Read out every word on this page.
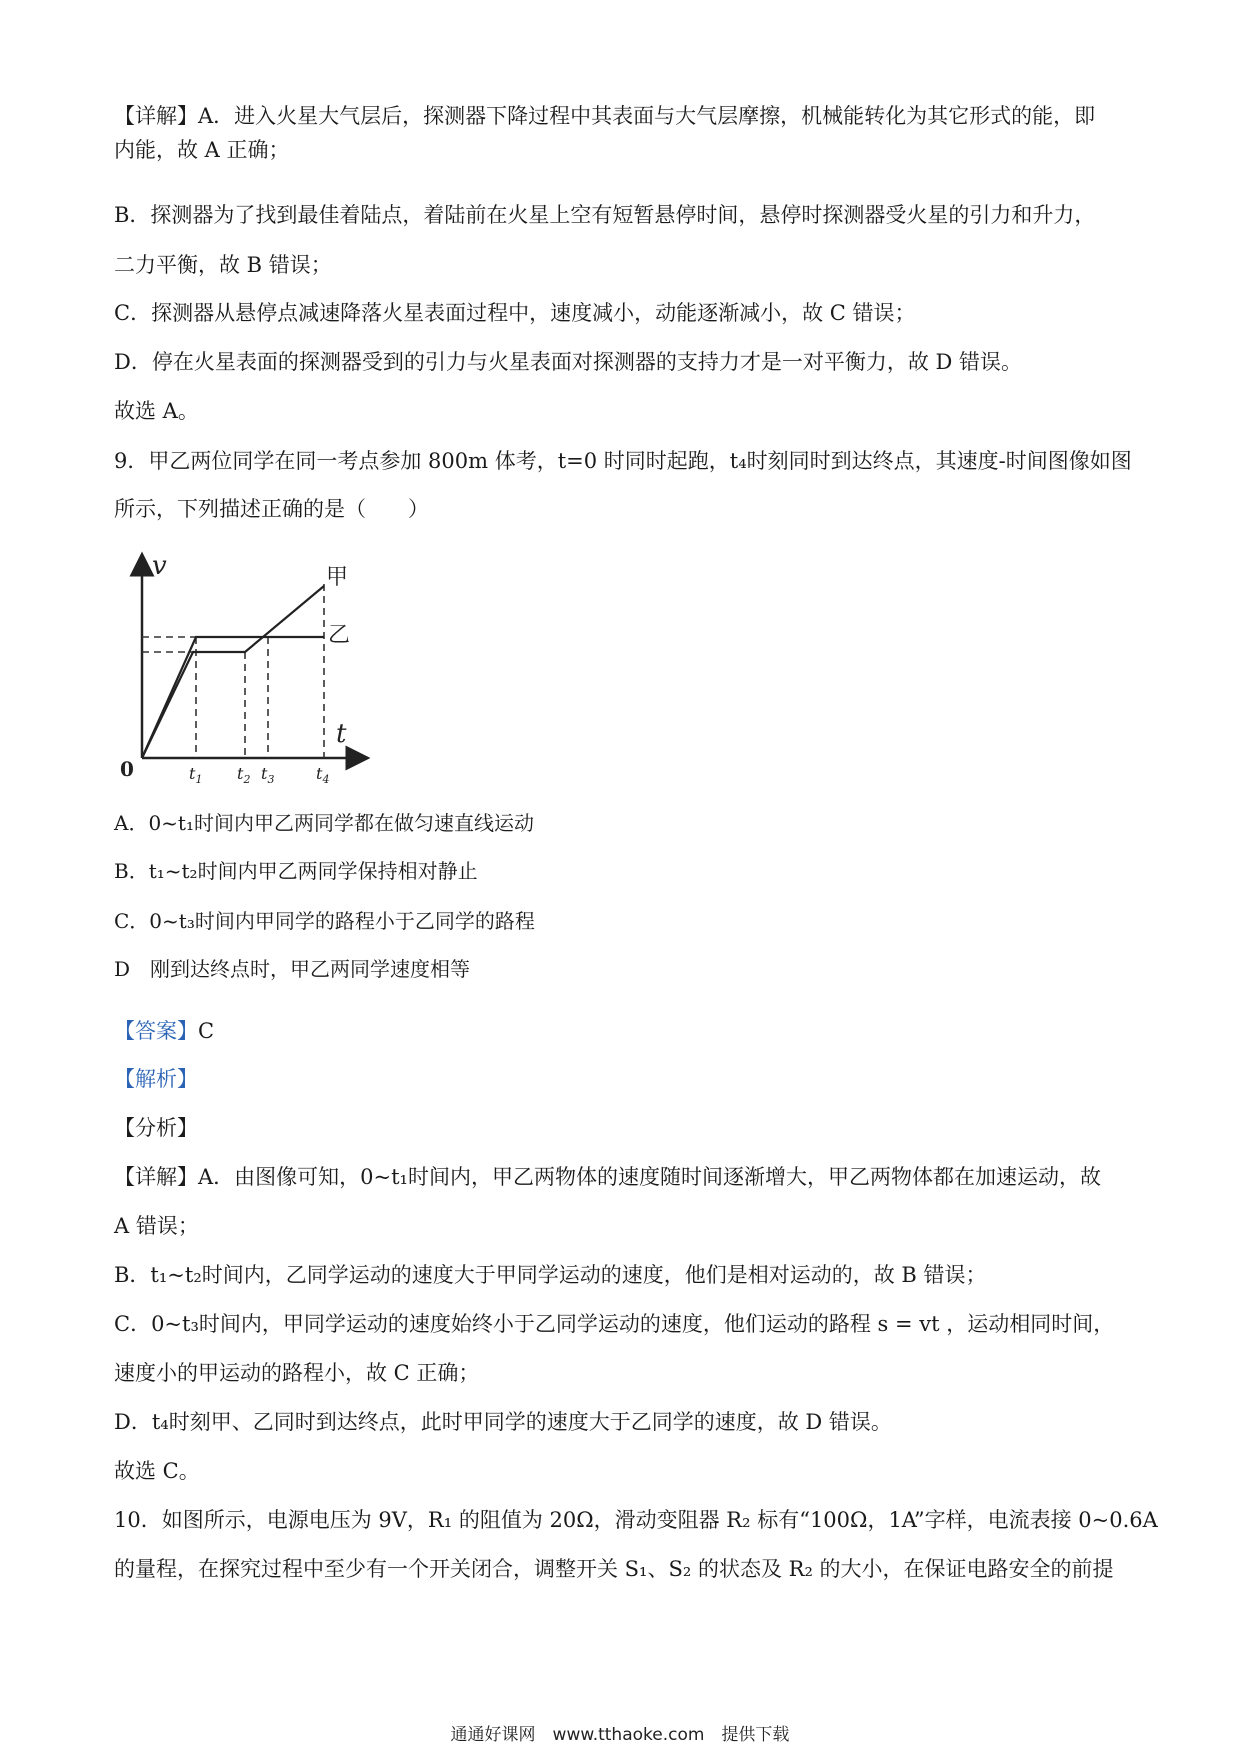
【详解】A．进入火星大气层后，探测器下降过程中其表面与大气层摩擦，机械能转化为其它形式的能，即

内能，故 A 正确；

B．探测器为了找到最佳着陆点，着陆前在火星上空有短暂悬停时间，悬停时探测器受火星的引力和升力，

二力平衡，故 B 错误；

C．探测器从悬停点减速降落火星表面过程中，速度减小，动能逐渐减小，故 C 错误；

D．停在火星表面的探测器受到的引力与火星表面对探测器的支持力才是一对平衡力，故 D 错误。

故选 A。

9．甲乙两位同学在同一考点参加 800m 体考，t=0 时同时起跑，t₄时刻同时到达终点，其速度-时间图像如图

所示，下列描述正确的是（　　）

v
t
0
甲
乙
$t_1$ $t_2$ $t_3$	$t_4$

A．0~t₁时间内甲乙两同学都在做匀速直线运动

B．t₁~t₂时间内甲乙两同学保持相对静止

C．0~t₃时间内甲同学的路程小于乙同学的路程

D　刚到达终点时，甲乙两同学速度相等

【答案】C

【解析】

【分析】

【详解】A．由图像可知，0~t₁时间内，甲乙两物体的速度随时间逐渐增大，甲乙两物体都在加速运动，故

A 错误；

B．t₁~t₂时间内，乙同学运动的速度大于甲同学运动的速度，他们是相对运动的，故 B 错误；

C．0~t₃时间内，甲同学运动的速度始终小于乙同学运动的速度，他们运动的路程 s = vt ，运动相同时间，

速度小的甲运动的路程小，故 C 正确；

D．t₄时刻甲、乙同时到达终点，此时甲同学的速度大于乙同学的速度，故 D 错误。

故选 C。

10．如图所示，电源电压为 9V，R₁ 的阻值为 20Ω，滑动变阻器 R₂ 标有“100Ω，1A”字样，电流表接 0~0.6A

的量程，在探究过程中至少有一个开关闭合，调整开关 S₁、S₂ 的状态及 R₂ 的大小，在保证电路安全的前提

通通好课网　www.tthaoke.com　提供下载
